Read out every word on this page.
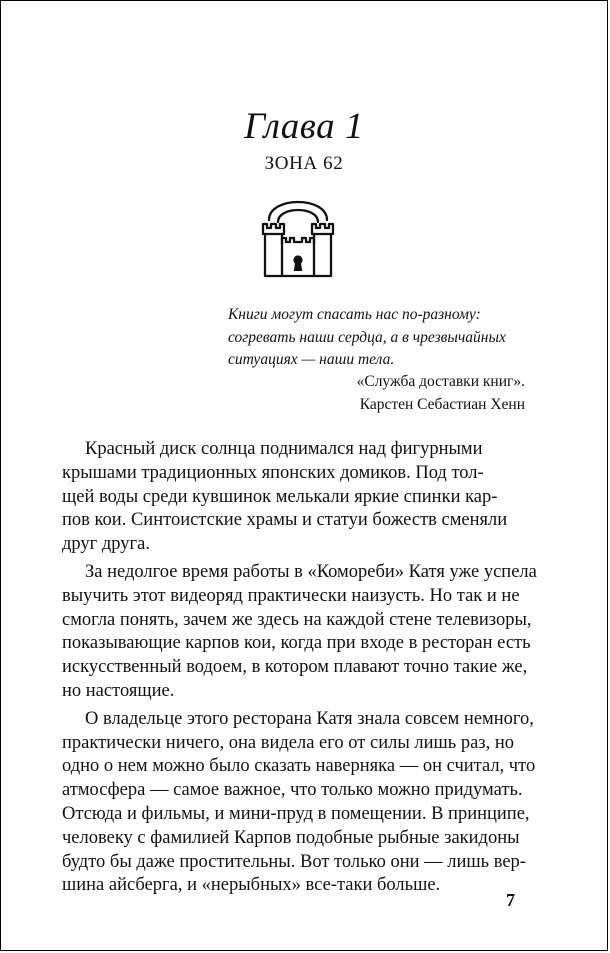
Глава 1
ЗОНА 62
Книги могут спасать нас по-разному:
согревать наши сердца, а в чрезвычайных
ситуациях — наши тела.
«Служба доставки книг».
Карстен Себастиан Хенн

Красный диск солнца поднимался над фигурными
крышами традиционных японских домиков. Под тол-
щей воды среди кувшинок мелькали яркие спинки кар-
пов кои. Синтоистские храмы и статуи божеств сменяли
друг друга.

За недолгое время работы в «Комореби» Катя уже успела
выучить этот видеоряд практически наизусть. Но так и не
смогла понять, зачем же здесь на каждой стене телевизоры,
показывающие карпов кои, когда при входе в ресторан есть
искусственный водоем, в котором плавают точно такие же,
но настоящие.

О владельце этого ресторана Катя знала совсем немного,
практически ничего, она видела его от силы лишь раз, но
одно о нем можно было сказать наверняка — он считал, что
атмосфера — самое важное, что только можно придумать.
Отсюда и фильмы, и мини-пруд в помещении. В принципе,
человеку с фамилией Карпов подобные рыбные закидоны
будто бы даже простительны. Вот только они — лишь вер-
шина айсберга, и «нерыбных» все-таки больше.

7
